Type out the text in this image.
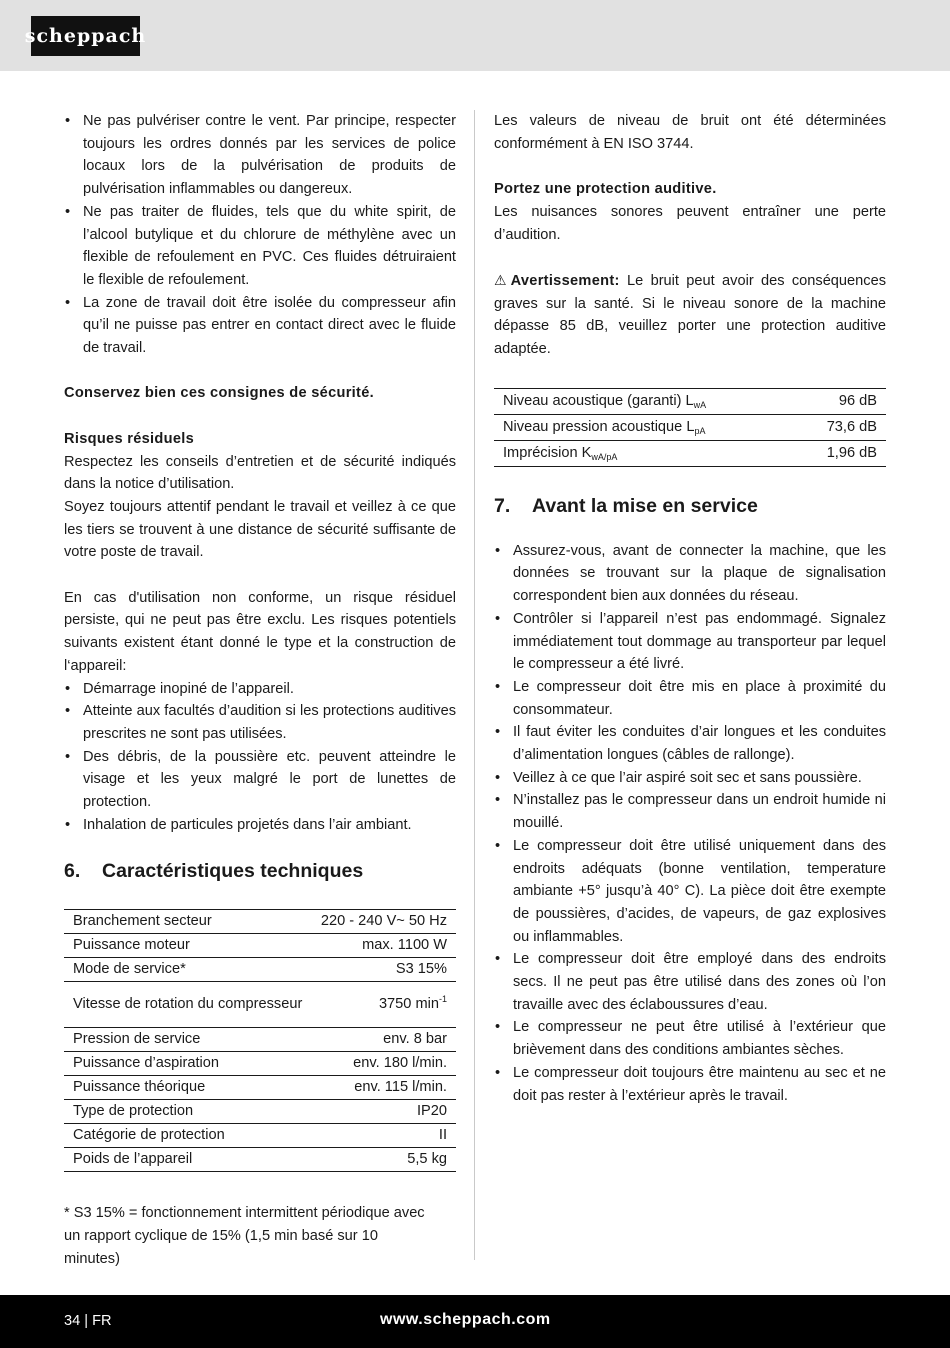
scheppach
• Ne pas pulvériser contre le vent. Par principe, respecter toujours les ordres donnés par les services de police locaux lors de la pulvérisation de produits de pulvérisation inflammables ou dangereux.
• Ne pas traiter de fluides, tels que du white spirit, de l’alcool butylique et du chlorure de méthylène avec un flexible de refoulement en PVC. Ces fluides détruiraient le flexible de refoulement.
• La zone de travail doit être isolée du compresseur afin qu’il ne puisse pas entrer en contact direct avec le fluide de travail.

Conservez bien ces consignes de sécurité.

Risques résiduels

Respectez les conseils d’entretien et de sécurité indiqués dans la notice d’utilisation.

Soyez toujours attentif pendant le travail et veillez à ce que les tiers se trouvent à une distance de sécurité suffisante de votre poste de travail.

En cas d'utilisation non conforme, un risque résiduel persiste, qui ne peut pas être exclu. Les risques potentiels suivants existent étant donné le type et la construction de l‘appareil:

• Démarrage inopiné de l’appareil.
• Atteinte aux facultés d’audition si les protections auditives prescrites ne sont pas utilisées.
• Des débris, de la poussière etc. peuvent atteindre le visage et les yeux malgré le port de lunettes de protection.
• Inhalation de particules projetés dans l’air ambiant.
6.	Caractéristiques techniques
Branchement secteur	220 - 240 V~ 50 Hz
Puissance moteur	max. 1100 W
Mode de service*	S3 15%
Vitesse de rotation du compresseur	3750 $\min^{-1}$
Pression de service	env. 8 bar
Puissance d’aspiration	env. 180 l/min.
Puissance théorique	env. 115 l/min.
Type de protection	IP20
Catégorie de protection	II
Poids de l’appareil	5,5 kg

* S3 15% = fonctionnement intermittent périodique avec un rapport cyclique de 15% (1,5 min basé sur 10 minutes)

Les valeurs de niveau de bruit ont été déterminées conformément à EN ISO 3744.

Portez une protection auditive.

Les nuisances sonores peuvent entraîner une perte d’audition.

⚠ Avertissement: Le bruit peut avoir des conséquences graves sur la santé. Si le niveau sonore de la machine dépasse 85 dB, veuillez porter une protection auditive adaptée.

Niveau acoustique (garanti) $L_{wA}$	96 dB
Niveau pression acoustique $L_{pA}$	73,6 dB
Imprécision $K_{wA/pA}$	1,96 dB
7.	Avant la mise en service
• Assurez-vous, avant de connecter la machine, que les données se trouvant sur la plaque de signalisation correspondent bien aux données du réseau.
• Contrôler si l’appareil n’est pas endommagé. Signalez immédiatement tout dommage au transporteur par lequel le compresseur a été livré.
• Le compresseur doit être mis en place à proximité du consommateur.
• Il faut éviter les conduites d’air longues et les conduites d’alimentation longues (câbles de rallonge).
• Veillez à ce que l’air aspiré soit sec et sans poussière.
• N’installez pas le compresseur dans un endroit humide ni mouillé.
• Le compresseur doit être utilisé uniquement dans des endroits adéquats (bonne ventilation, temperature ambiante +5° jusqu’à 40° C). La pièce doit être exempte de poussières, d’acides, de vapeurs, de gaz explosives ou inflammables.
• Le compresseur doit être employé dans des endroits secs. Il ne peut pas être utilisé dans des zones où l’on travaille avec des éclaboussures d’eau.
• Le compresseur ne peut être utilisé à l’extérieur que brièvement dans des conditions ambiantes sèches.
• Le compresseur doit toujours être maintenu au sec et ne doit pas rester à l’extérieur après le travail.
34 | FR	www.scheppach.com
